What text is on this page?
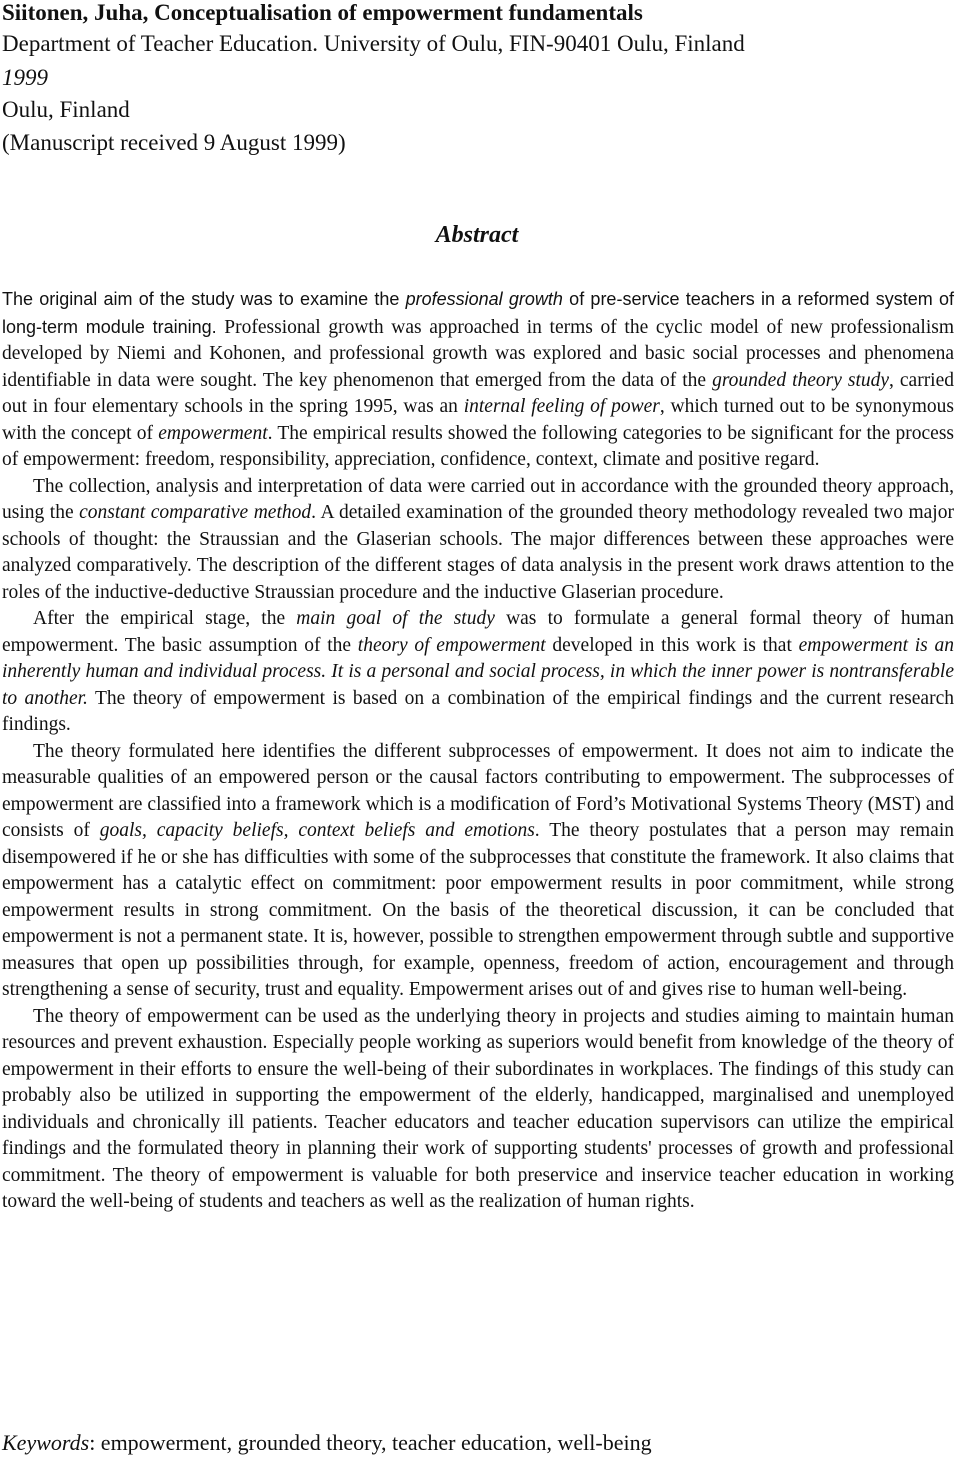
Siitonen, Juha, Conceptualisation of empowerment fundamentals
Department of Teacher Education. University of Oulu, FIN-90401 Oulu, Finland
1999
Oulu, Finland
(Manuscript received 9 August 1999)
Abstract

The original aim of the study was to examine the professional growth of pre-service teachers in a reformed system of long-term module training. Professional growth was approached in terms of the cyclic model of new professionalism developed by Niemi and Kohonen, and professional growth was explored and basic social processes and phenomena identifiable in data were sought. The key phenomenon that emerged from the data of the grounded theory study, carried out in four elementary schools in the spring 1995, was an internal feeling of power, which turned out to be synonymous with the concept of empowerment. The empirical results showed the following categories to be significant for the process of empowerment: freedom, responsibility, appreciation, confidence, context, climate and positive regard.

The collection, analysis and interpretation of data were carried out in accordance with the grounded theory approach, using the constant comparative method. A detailed examination of the grounded theory methodology revealed two major schools of thought: the Straussian and the Glaserian schools. The major differences between these approaches were analyzed comparatively. The description of the different stages of data analysis in the present work draws attention to the roles of the inductive-deductive Straussian procedure and the inductive Glaserian procedure.

After the empirical stage, the main goal of the study was to formulate a general formal theory of human empowerment. The basic assumption of the theory of empowerment developed in this work is that empowerment is an inherently human and individual process. It is a personal and social process, in which the inner power is nontransferable to another. The theory of empowerment is based on a combination of the empirical findings and the current research findings.

The theory formulated here identifies the different subprocesses of empowerment. It does not aim to indicate the measurable qualities of an empowered person or the causal factors contributing to empowerment. The subprocesses of empowerment are classified into a framework which is a modification of Ford’s Motivational Systems Theory (MST) and consists of goals, capacity beliefs, context beliefs and emotions. The theory postulates that a person may remain disempowered if he or she has difficulties with some of the subprocesses that constitute the framework. It also claims that empowerment has a catalytic effect on commitment: poor empowerment results in poor commitment, while strong empowerment results in strong commitment. On the basis of the theoretical discussion, it can be concluded that empowerment is not a permanent state. It is, however, possible to strengthen empowerment through subtle and supportive measures that open up possibilities through, for example, openness, freedom of action, encouragement and through strengthening a sense of security, trust and equality. Empowerment arises out of and gives rise to human well-being.

The theory of empowerment can be used as the underlying theory in projects and studies aiming to maintain human resources and prevent exhaustion. Especially people working as superiors would benefit from knowledge of the theory of empowerment in their efforts to ensure the well-being of their subordinates in workplaces. The findings of this study can probably also be utilized in supporting the empowerment of the elderly, handicapped, marginalised and unemployed individuals and chronically ill patients. Teacher educators and teacher education supervisors can utilize the empirical findings and the formulated theory in planning their work of supporting students' processes of growth and professional commitment. The theory of empowerment is valuable for both preservice and inservice teacher education in working toward the well-being of students and teachers as well as the realization of human rights.

Keywords: empowerment, grounded theory, teacher education, well-being
